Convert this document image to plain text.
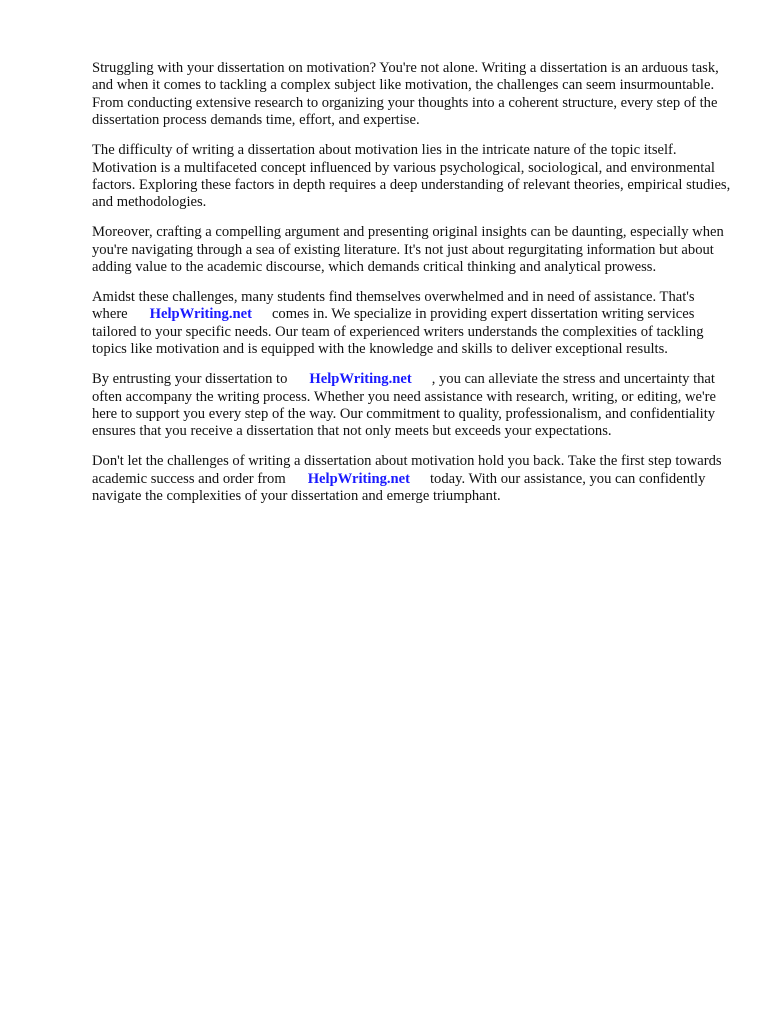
Struggling with your dissertation on motivation? You're not alone. Writing a dissertation is an arduous task, and when it comes to tackling a complex subject like motivation, the challenges can seem insurmountable. From conducting extensive research to organizing your thoughts into a coherent structure, every step of the dissertation process demands time, effort, and expertise.

The difficulty of writing a dissertation about motivation lies in the intricate nature of the topic itself. Motivation is a multifaceted concept influenced by various psychological, sociological, and environmental factors. Exploring these factors in depth requires a deep understanding of relevant theories, empirical studies, and methodologies.

Moreover, crafting a compelling argument and presenting original insights can be daunting, especially when you're navigating through a sea of existing literature. It's not just about regurgitating information but about adding value to the academic discourse, which demands critical thinking and analytical prowess.

Amidst these challenges, many students find themselves overwhelmed and in need of assistance. That's where HelpWriting.net comes in. We specialize in providing expert dissertation writing services tailored to your specific needs. Our team of experienced writers understands the complexities of tackling topics like motivation and is equipped with the knowledge and skills to deliver exceptional results.

By entrusting your dissertation to HelpWriting.net , you can alleviate the stress and uncertainty that often accompany the writing process. Whether you need assistance with research, writing, or editing, we're here to support you every step of the way. Our commitment to quality, professionalism, and confidentiality ensures that you receive a dissertation that not only meets but exceeds your expectations.

Don't let the challenges of writing a dissertation about motivation hold you back. Take the first step towards academic success and order from HelpWriting.net today. With our assistance, you can confidently navigate the complexities of your dissertation and emerge triumphant.
